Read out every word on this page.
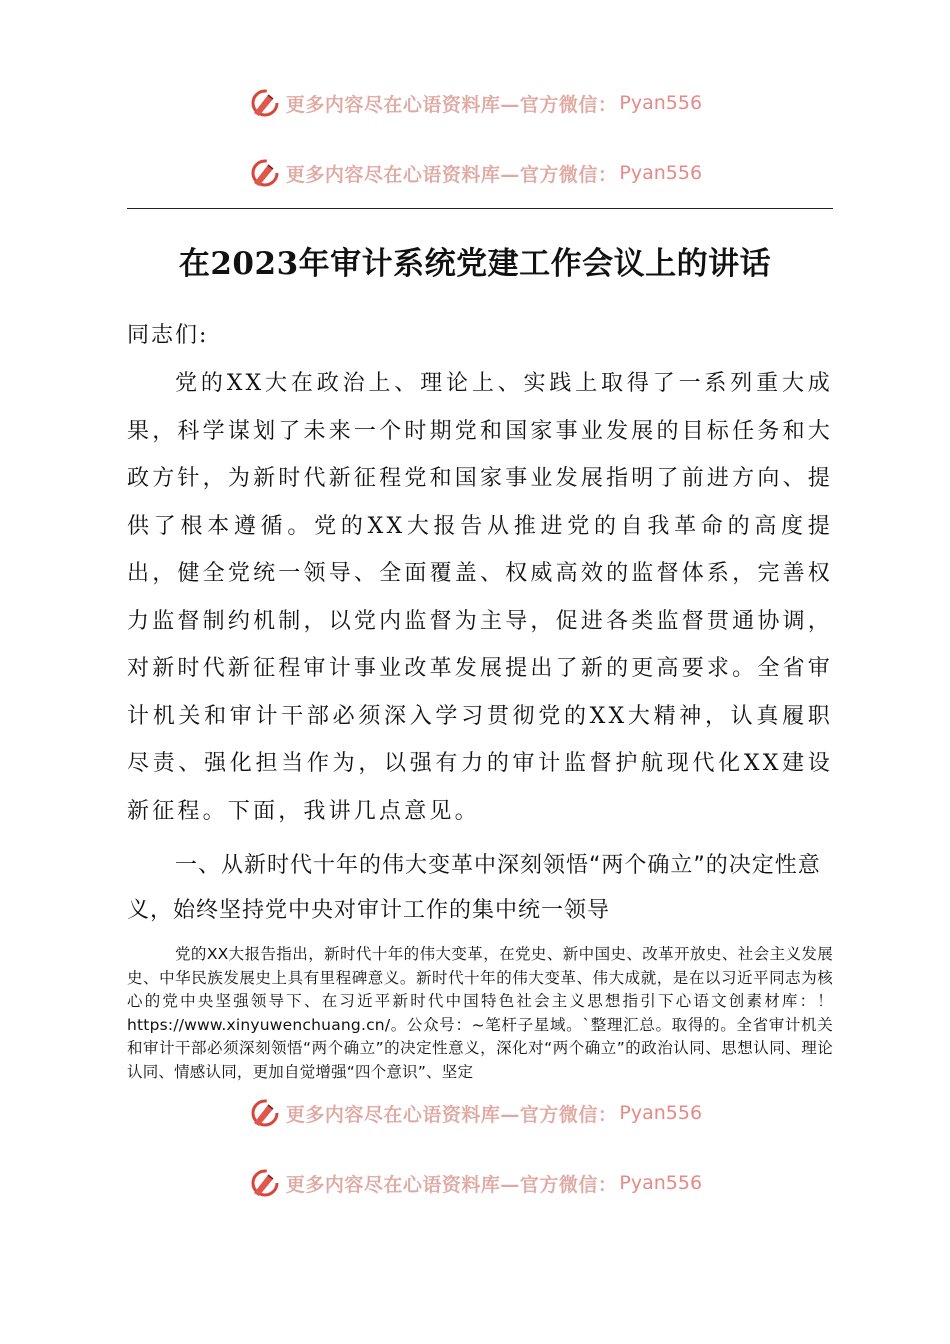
更多内容尽在心语资料库—官方微信： Pyan556
更多内容尽在心语资料库—官方微信： Pyan556
在2023年审计系统党建工作会议上的讲话

同志们:

党的XX大在政治上、理论上、实践上取得了一系列重大成果，科学谋划了未来一个时期党和国家事业发展的目标任务和大政方针，为新时代新征程党和国家事业发展指明了前进方向、提供了根本遵循。党的XX大报告从推进党的自我革命的高度提出，健全党统一领导、全面覆盖、权威高效的监督体系，完善权力监督制约机制，以党内监督为主导，促进各类监督贯通协调，对新时代新征程审计事业改革发展提出了新的更高要求。全省审计机关和审计干部必须深入学习贯彻党的XX大精神，认真履职尽责、强化担当作为，以强有力的审计监督护航现代化XX建设新征程。下面，我讲几点意见。

一、从新时代十年的伟大变革中深刻领悟“两个确立”的决定性意义，始终坚持党中央对审计工作的集中统一领导

党的XX大报告指出，新时代十年的伟大变革，在党史、新中国史、改革开放史、社会主义发展史、中华民族发展史上具有里程碑意义。新时代十年的伟大变革、伟大成就，是在以习近平同志为核心的党中央坚强领导下、在习近平新时代中国特色社会主义思想指引下心语文创素材库：！ https://www.xinyuwenchuang.cn/。公众号：~笔杆子星域。`整理汇总。取得的。全省审计机关和审计干部必须深刻领悟“两个确立”的决定性意义，深化对“两个确立”的政治认同、思想认同、理论认同、情感认同，更加自觉增强“四个意识”、坚定

更多内容尽在心语资料库—官方微信： Pyan556
更多内容尽在心语资料库—官方微信： Pyan556
